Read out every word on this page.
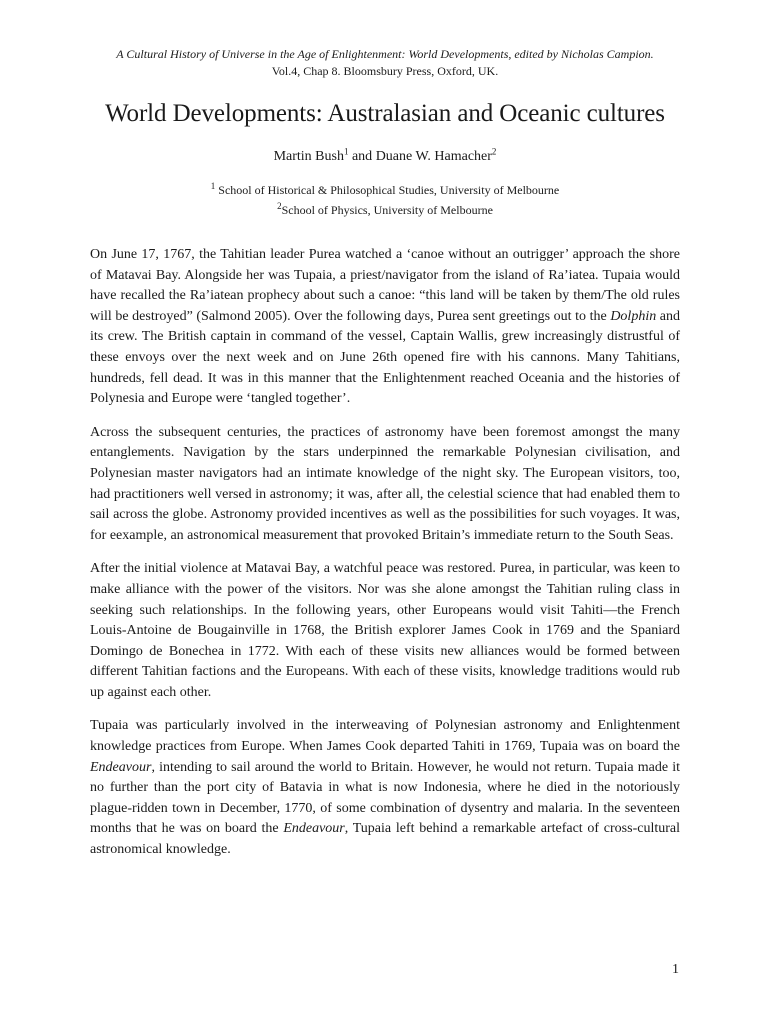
A Cultural History of Universe in the Age of Enlightenment: World Developments, edited by Nicholas Campion.
Vol.4, Chap 8. Bloomsbury Press, Oxford, UK.
World Developments: Australasian and Oceanic cultures
Martin Bush$^1$ and Duane W. Hamacher$^2$
$^1$ School of Historical & Philosophical Studies, University of Melbourne
$^2$School of Physics, University of Melbourne

On June 17, 1767, the Tahitian leader Purea watched a ‘canoe without an outrigger’ approach the shore of Matavai Bay. Alongside her was Tupaia, a priest/navigator from the island of Ra’iatea. Tupaia would have recalled the Ra’iatean prophecy about such a canoe: “this land will be taken by them/The old rules will be destroyed” (Salmond 2005). Over the following days, Purea sent greetings out to the Dolphin and its crew. The British captain in command of the vessel, Captain Wallis, grew increasingly distrustful of these envoys over the next week and on June 26th opened fire with his cannons. Many Tahitians, hundreds, fell dead. It was in this manner that the Enlightenment reached Oceania and the histories of Polynesia and Europe were ‘tangled together’.

Across the subsequent centuries, the practices of astronomy have been foremost amongst the many entanglements. Navigation by the stars underpinned the remarkable Polynesian civilisation, and Polynesian master navigators had an intimate knowledge of the night sky. The European visitors, too, had practitioners well versed in astronomy; it was, after all, the celestial science that had enabled them to sail across the globe. Astronomy provided incentives as well as the possibilities for such voyages. It was, for eexample, an astronomical measurement that provoked Britain’s immediate return to the South Seas.

After the initial violence at Matavai Bay, a watchful peace was restored. Purea, in particular, was keen to make alliance with the power of the visitors. Nor was she alone amongst the Tahitian ruling class in seeking such relationships. In the following years, other Europeans would visit Tahiti—the French Louis-Antoine de Bougainville in 1768, the British explorer James Cook in 1769 and the Spaniard Domingo de Bonechea in 1772. With each of these visits new alliances would be formed between different Tahitian factions and the Europeans. With each of these visits, knowledge traditions would rub up against each other.

Tupaia was particularly involved in the interweaving of Polynesian astronomy and Enlightenment knowledge practices from Europe. When James Cook departed Tahiti in 1769, Tupaia was on board the Endeavour, intending to sail around the world to Britain. However, he would not return. Tupaia made it no further than the port city of Batavia in what is now Indonesia, where he died in the notoriously plague-ridden town in December, 1770, of some combination of dysentry and malaria. In the seventeen months that he was on board the Endeavour, Tupaia left behind a remarkable artefact of cross-cultural astronomical knowledge.

1
